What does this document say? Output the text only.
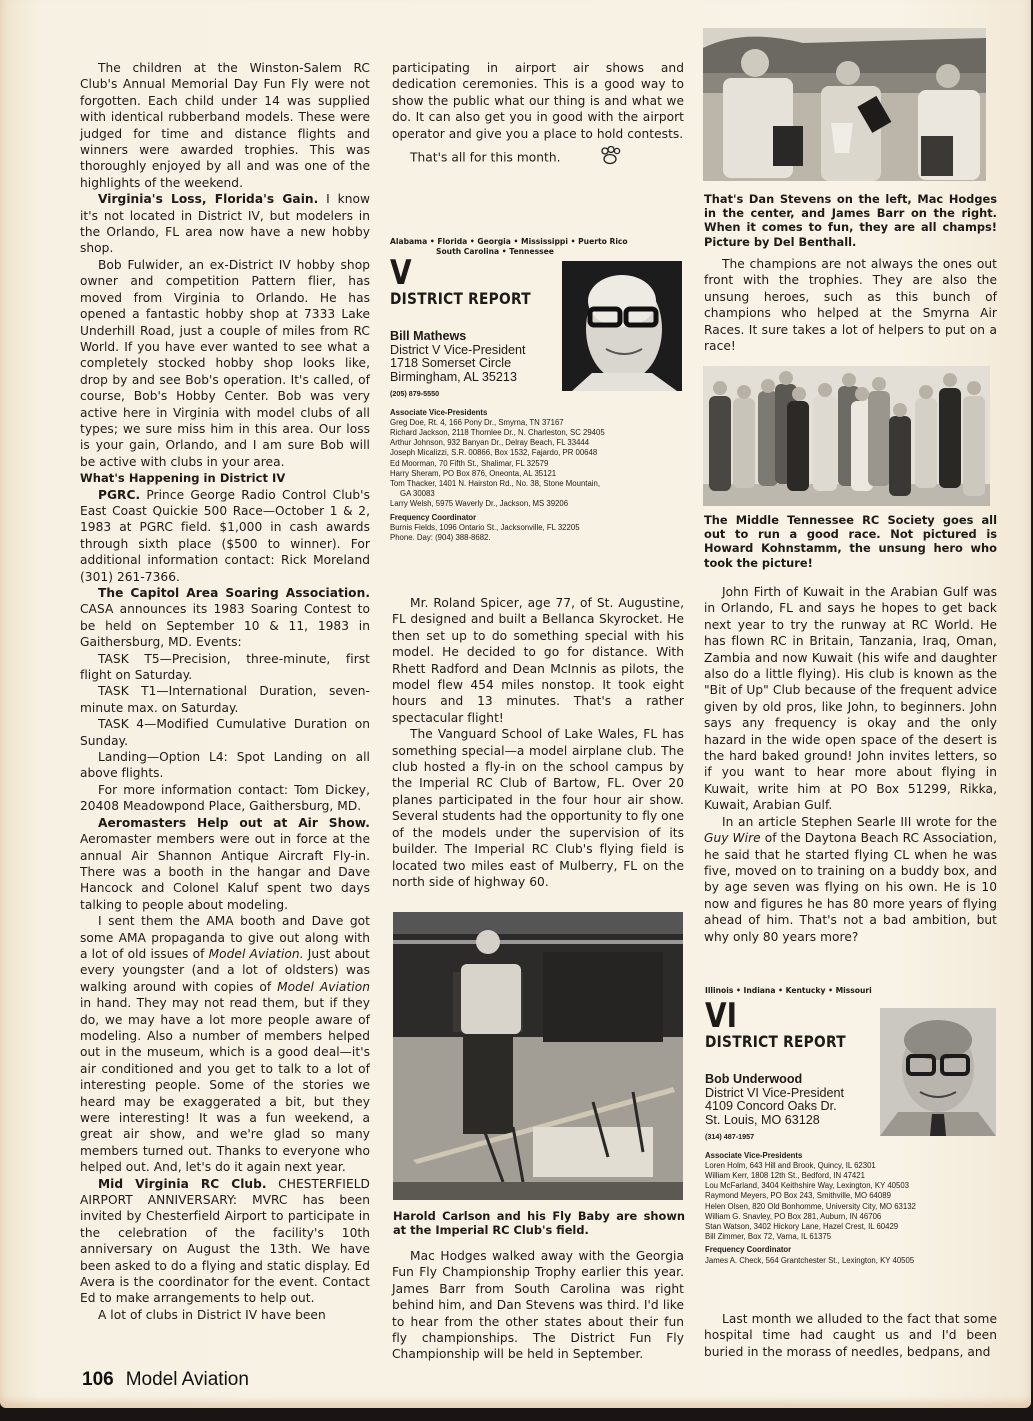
The children at the Winston-Salem RC Club's Annual Memorial Day Fun Fly were not forgotten. Each child under 14 was supplied with identical rubberband models. These were judged for time and distance flights and winners were awarded trophies. This was thoroughly enjoyed by all and was one of the highlights of the weekend.

Virginia's Loss, Florida's Gain. I know it's not located in District IV, but modelers in the Orlando, FL area now have a new hobby shop.

Bob Fulwider, an ex-District IV hobby shop owner and competition Pattern flier, has moved from Virginia to Orlando. He has opened a fantastic hobby shop at 7333 Lake Underhill Road, just a couple of miles from RC World. If you have ever wanted to see what a completely stocked hobby shop looks like, drop by and see Bob's operation. It's called, of course, Bob's Hobby Center. Bob was very active here in Virginia with model clubs of all types; we sure miss him in this area. Our loss is your gain, Orlando, and I am sure Bob will be active with clubs in your area.

What's Happening in District IV

PGRC. Prince George Radio Control Club's East Coast Quickie 500 Race—October 1 & 2, 1983 at PGRC field. $1,000 in cash awards through sixth place ($500 to winner). For additional information contact: Rick Moreland (301) 261-7366.

The Capitol Area Soaring Association. CASA announces its 1983 Soaring Contest to be held on September 10 & 11, 1983 in Gaithersburg, MD. Events:

TASK T5—Precision, three-minute, first flight on Saturday.

TASK T1—International Duration, seven-minute max. on Saturday.

TASK 4—Modified Cumulative Duration on Sunday.

Landing—Option L4: Spot Landing on all above flights.

For more information contact: Tom Dickey, 20408 Meadowpond Place, Gaithersburg, MD.

Aeromasters Help out at Air Show. Aeromaster members were out in force at the annual Air Shannon Antique Aircraft Fly-in. There was a booth in the hangar and Dave Hancock and Colonel Kaluf spent two days talking to people about modeling.

I sent them the AMA booth and Dave got some AMA propaganda to give out along with a lot of old issues of Model Aviation. Just about every youngster (and a lot of oldsters) was walking around with copies of Model Aviation in hand. They may not read them, but if they do, we may have a lot more people aware of modeling. Also a number of members helped out in the museum, which is a good deal—it's air conditioned and you get to talk to a lot of interesting people. Some of the stories we heard may be exaggerated a bit, but they were interesting! It was a fun weekend, a great air show, and we're glad so many members turned out. Thanks to everyone who helped out. And, let's do it again next year.

Mid Virginia RC Club. CHESTERFIELD AIRPORT ANNIVERSARY: MVRC has been invited by Chesterfield Airport to participate in the celebration of the facility's 10th anniversary on August the 13th. We have been asked to do a flying and static display. Ed Avera is the coordinator for the event. Contact Ed to make arrangements to help out.

A lot of clubs in District IV have been

participating in airport air shows and dedication ceremonies. This is a good way to show the public what our thing is and what we do. It can also get you in good with the airport operator and give you a place to hold contests.

That's all for this month.

Alabama • Florida • Georgia • Mississippi • Puerto Rico
South Carolina • Tennessee
V
DISTRICT REPORT
Bill Mathews
District V Vice-President
1718 Somerset Circle
Birmingham, AL 35213
(205) 879-5550
Associate Vice-Presidents
Greg Doe, Rt. 4, 166 Pony Dr., Smyrna, TN 37167
Richard Jackson, 2118 Thornlee Dr., N. Charleston, SC 29405
Arthur Johnson, 932 Banyan Dr., Delray Beach, FL 33444
Joseph Micalizzi, S.R. 00866, Box 1532, Fajardo, PR 00648
Ed Moorman, 70 Fifth St., Shalimar, FL 32579
Harry Sheram, PO Box 876, Oneonta, AL 35121
Tom Thacker, 1401 N. Hairston Rd., No. 38, Stone Mountain,
GA 30083
Larry Welsh, 5975 Waverly Dr., Jackson, MS 39206
Frequency Coordinator
Burnis Fields, 1096 Ontario St., Jacksonville, FL 32205
Phone. Day: (904) 388-8682.

Mr. Roland Spicer, age 77, of St. Augustine, FL designed and built a Bellanca Skyrocket. He then set up to do something special with his model. He decided to go for distance. With Rhett Radford and Dean McInnis as pilots, the model flew 454 miles nonstop. It took eight hours and 13 minutes. That's a rather spectacular flight!

The Vanguard School of Lake Wales, FL has something special—a model airplane club. The club hosted a fly-in on the school campus by the Imperial RC Club of Bartow, FL. Over 20 planes participated in the four hour air show. Several students had the opportunity to fly one of the models under the supervision of its builder. The Imperial RC Club's flying field is located two miles east of Mulberry, FL on the north side of highway 60.

Harold Carlson and his Fly Baby are shown at the Imperial RC Club's field.

Mac Hodges walked away with the Georgia Fun Fly Championship Trophy earlier this year. James Barr from South Carolina was right behind him, and Dan Stevens was third. I'd like to hear from the other states about their fun fly championships. The District Fun Fly Championship will be held in September.

That's Dan Stevens on the left, Mac Hodges in the center, and James Barr on the right. When it comes to fun, they are all champs! Picture by Del Benthall.

The champions are not always the ones out front with the trophies. They are also the unsung heroes, such as this bunch of champions who helped at the Smyrna Air Races. It sure takes a lot of helpers to put on a race!

The Middle Tennessee RC Society goes all out to run a good race. Not pictured is Howard Kohnstamm, the unsung hero who took the picture!

John Firth of Kuwait in the Arabian Gulf was in Orlando, FL and says he hopes to get back next year to try the runway at RC World. He has flown RC in Britain, Tanzania, Iraq, Oman, Zambia and now Kuwait (his wife and daughter also do a little flying). His club is known as the "Bit of Up" Club because of the frequent advice given by old pros, like John, to beginners. John says any frequency is okay and the only hazard in the wide open space of the desert is the hard baked ground! John invites letters, so if you want to hear more about flying in Kuwait, write him at PO Box 51299, Rikka, Kuwait, Arabian Gulf.

In an article Stephen Searle III wrote for the Guy Wire of the Daytona Beach RC Association, he said that he started flying CL when he was five, moved on to training on a buddy box, and by age seven was flying on his own. He is 10 now and figures he has 80 more years of flying ahead of him. That's not a bad ambition, but why only 80 years more?

Illinois • Indiana • Kentucky • Missouri
VI
DISTRICT REPORT
Bob Underwood
District VI Vice-President
4109 Concord Oaks Dr.
St. Louis, MO 63128
(314) 487-1957
Associate Vice-Presidents
Loren Holm, 643 Hill and Brook, Quincy, IL 62301
William Kerr, 1808 12th St., Bedford, IN 47421
Lou McFarland, 3404 Keithshire Way, Lexington, KY 40503
Raymond Meyers, PO Box 243, Smithville, MO 64089
Helen Olsen, 820 Old Bonhomme, University City, MO 63132
William G. Snavley, PO Box 281, Auburn, IN 46706
Stan Watson, 3402 Hickory Lane, Hazel Crest, IL 60429
Bill Zimmer, Box 72, Varna, IL 61375
Frequency Coordinator
James A. Check, 564 Grantchester St., Lexington, KY 40505

Last month we alluded to the fact that some hospital time had caught us and I'd been buried in the morass of needles, bedpans, and

106 Model Aviation
